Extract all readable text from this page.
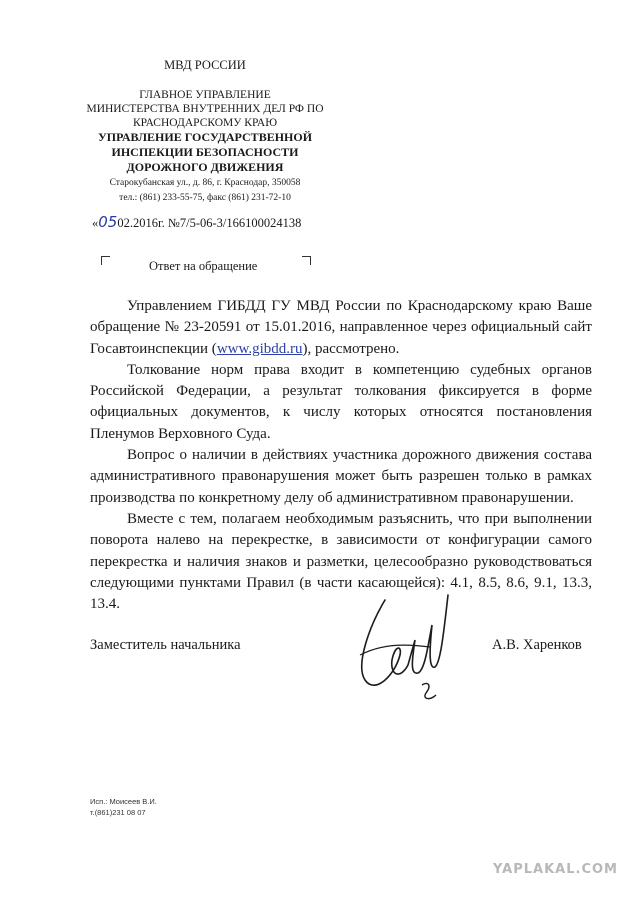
МВД РОССИИ
ГЛАВНОЕ УПРАВЛЕНИЕ
МИНИСТЕРСТВА ВНУТРЕННИХ ДЕЛ РФ ПО
КРАСНОДАРСКОМУ КРАЮ
УПРАВЛЕНИЕ ГОСУДАРСТВЕННОЙ
ИНСПЕКЦИИ БЕЗОПАСНОСТИ
ДОРОЖНОГО ДВИЖЕНИЯ
Старокубанская ул., д. 86, г. Краснодар, 350058
тел.: (861) 233-55-75, факс (861) 231-72-10
«0502.2016г. №7/5-06-3/166100024138
Ответ на обращение

Управлением ГИБДД ГУ МВД России по Краснодарскому краю Ваше обращение № 23-20591 от 15.01.2016, направленное через официальный сайт Госавтоинспекции (www.gibdd.ru), рассмотрено.

Толкование норм права входит в компетенцию судебных органов Российской Федерации, а результат толкования фиксируется в форме официальных документов, к числу которых относятся постановления Пленумов Верховного Суда.

Вопрос о наличии в действиях участника дорожного движения состава административного правонарушения может быть разрешен только в рамках производства по конкретному делу об административном правонарушении.

Вместе с тем, полагаем необходимым разъяснить, что при выполнении поворота налево на перекрестке, в зависимости от конфигурации самого перекрестка и наличия знаков и разметки, целесообразно руководствоваться следующими пунктами Правил (в части касающейся): 4.1, 8.5, 8.6, 9.1, 13.3, 13.4.

Заместитель начальника	А.В. Харенков
Исп.: Моисеев В.И.
т.(861)231 08 07
YAPLAKAL.COM
